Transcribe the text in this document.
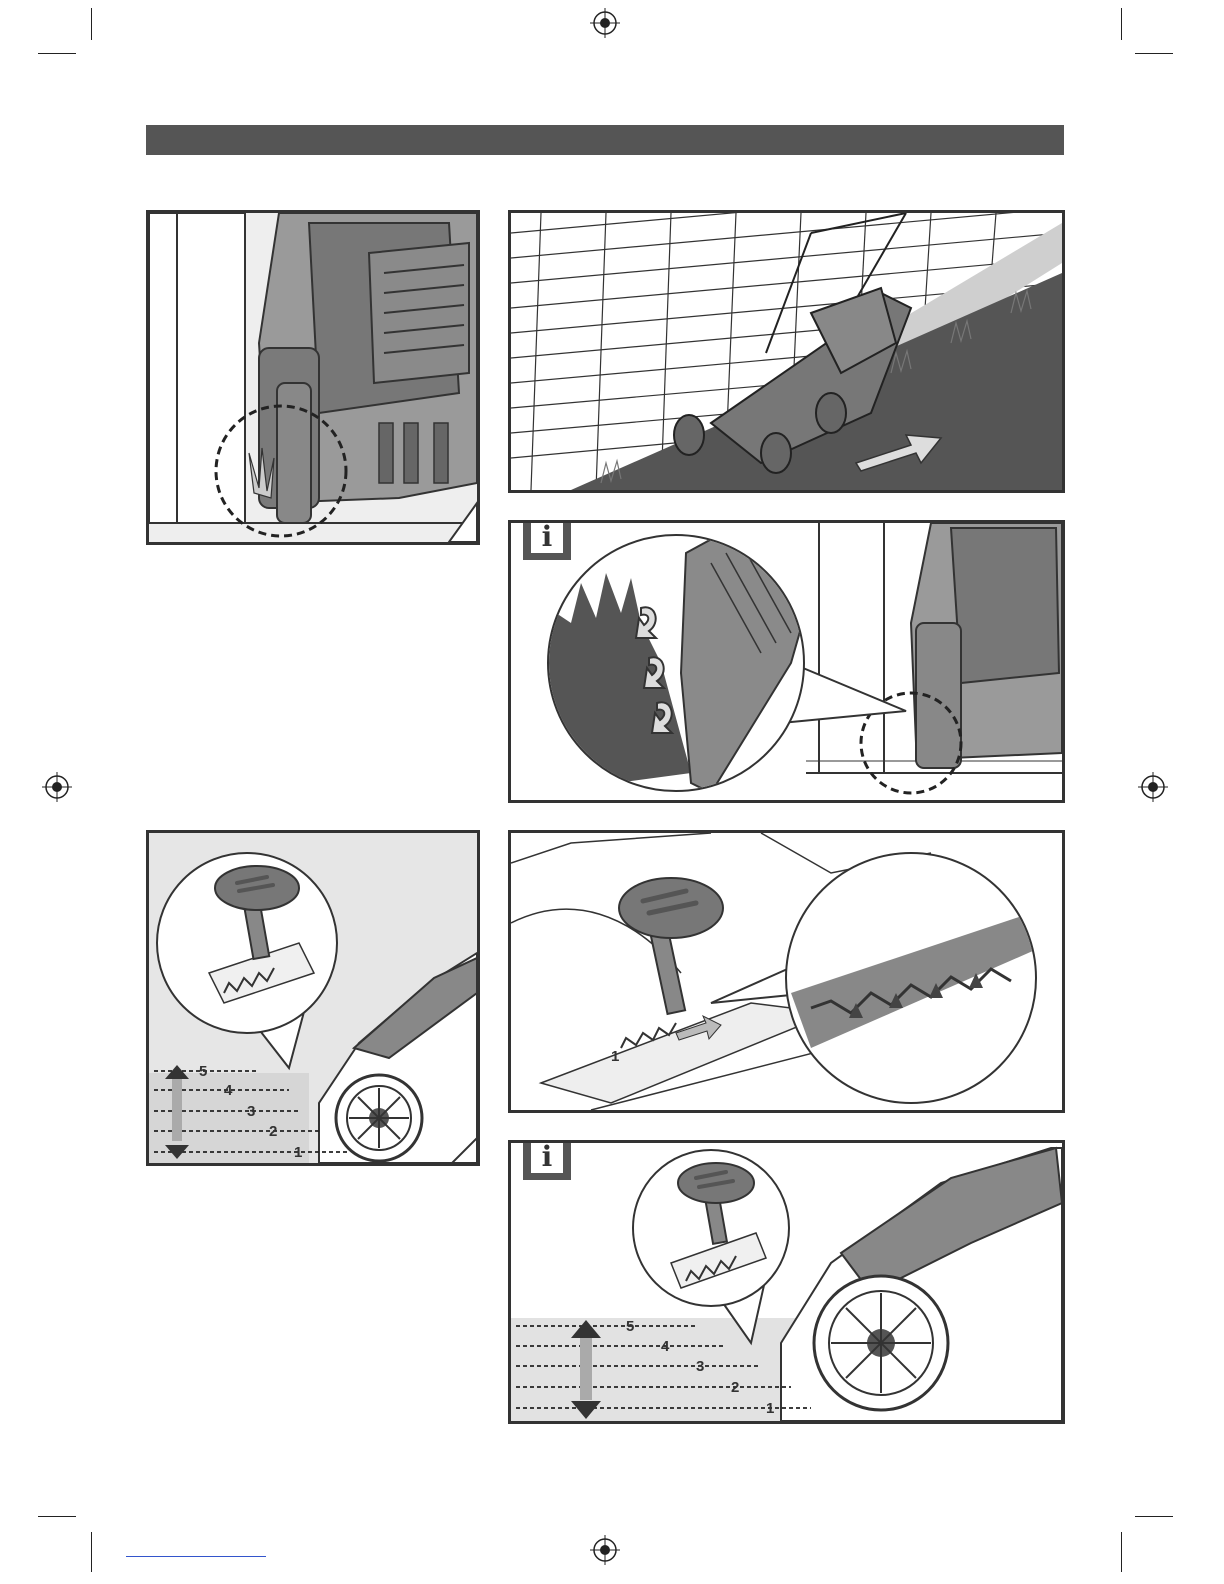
i
5
4
3
2
1
1
5
4
3
2
1
i
